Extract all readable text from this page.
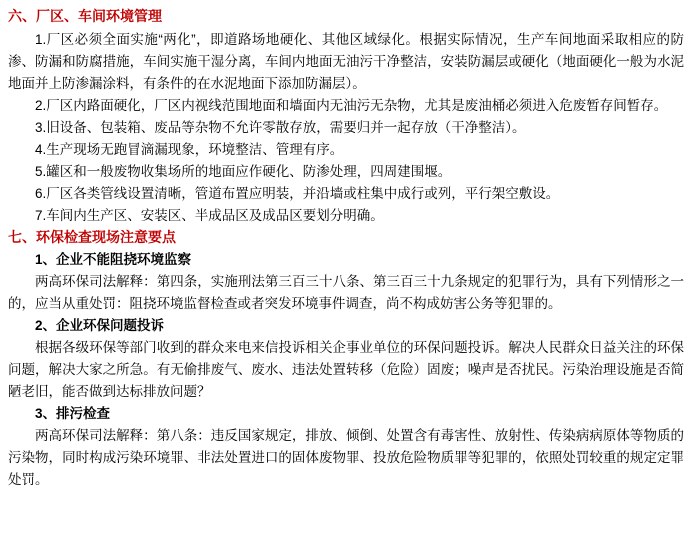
六、厂区、车间环境管理

1.厂区必须全面实施“两化”，即道路场地硬化、其他区域绿化。根据实际情况，生产车间地面采取相应的防渗、防漏和防腐措施，车间实施干湿分离，车间内地面无油污干净整洁，安装防漏层或硬化（地面硬化一般为水泥地面并上防渗漏涂料，有条件的在水泥地面下添加防漏层）。

2.厂区内路面硬化，厂区内视线范围地面和墙面内无油污无杂物，尤其是废油桶必须进入危废暂存间暂存。

3.旧设备、包装箱、废品等杂物不允许零散存放，需要归并一起存放（干净整洁）。

4.生产现场无跑冒滴漏现象，环境整洁、管理有序。

5.罐区和一般废物收集场所的地面应作硬化、防渗处理，四周建围堰。

6.厂区各类管线设置清晰，管道布置应明装，并沿墙或柱集中成行或列，平行架空敷设。

7.车间内生产区、安装区、半成品区及成品区要划分明确。

七、环保检查现场注意要点

1、企业不能阻挠环境监察

两高环保司法解释：第四条，实施刑法第三百三十八条、第三百三十九条规定的犯罪行为，具有下列情形之一的，应当从重处罚：阻挠环境监督检查或者突发环境事件调查，尚不构成妨害公务等犯罪的。

2、企业环保问题投诉

根据各级环保等部门收到的群众来电来信投诉相关企事业单位的环保问题投诉。解决人民群众日益关注的环保问题，解决大家之所急。有无偷排废气、废水、违法处置转移（危险）固废；噪声是否扰民。污染治理设施是否简陋老旧，能否做到达标排放问题？

3、排污检查

两高环保司法解释：第八条：违反国家规定，排放、倾倒、处置含有毒害性、放射性、传染病病原体等物质的污染物，同时构成污染环境罪、非法处置进口的固体废物罪、投放危险物质罪等犯罪的，依照处罚较重的规定定罪处罚。
